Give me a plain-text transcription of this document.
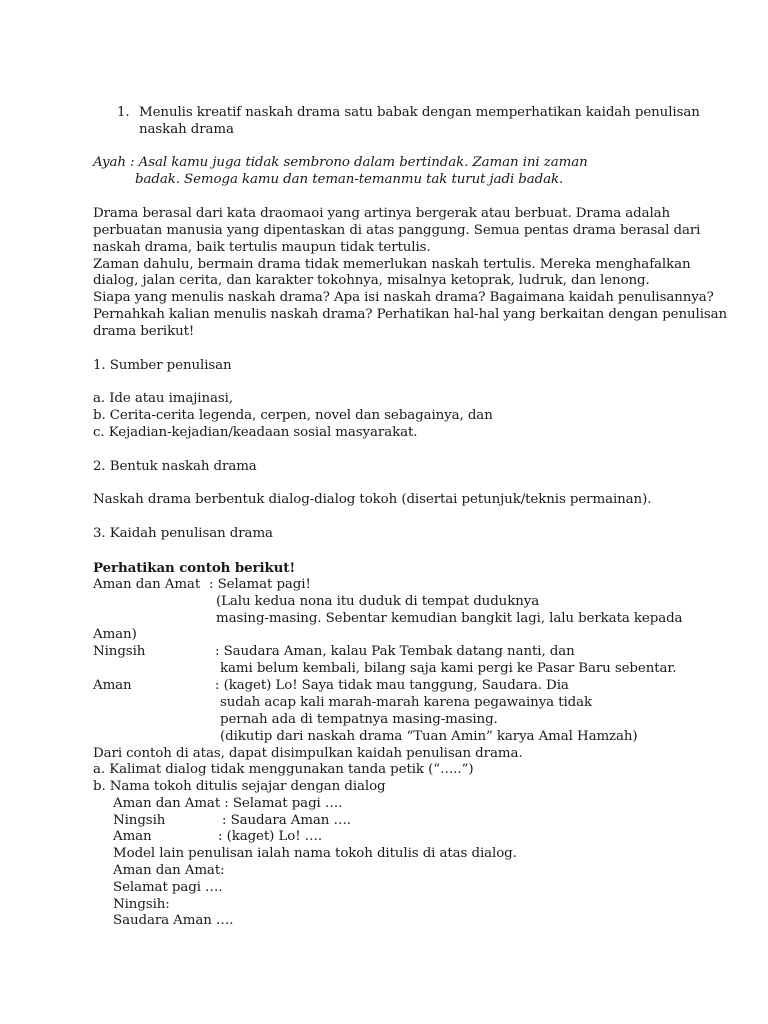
1. Menulis kreatif naskah drama satu babak dengan memperhatikan kaidah penulisan
naskah drama
Ayah : Asal kamu juga tidak sembrono dalam bertindak. Zaman ini zaman
badak. Semoga kamu dan teman-temanmu tak turut jadi badak.
Drama berasal dari kata draomaoi yang artinya bergerak atau berbuat. Drama adalah
perbuatan manusia yang dipentaskan di atas panggung. Semua pentas drama berasal dari
naskah drama, baik tertulis maupun tidak tertulis.
Zaman dahulu, bermain drama tidak memerlukan naskah tertulis. Mereka menghafalkan
dialog, jalan cerita, dan karakter tokohnya, misalnya ketoprak, ludruk, dan lenong.
Siapa yang menulis naskah drama? Apa isi naskah drama? Bagaimana kaidah penulisannya?
Pernahkah kalian menulis naskah drama? Perhatikan hal-hal yang berkaitan dengan penulisan
drama berikut!
1. Sumber penulisan
a. Ide atau imajinasi,
b. Cerita-cerita legenda, cerpen, novel dan sebagainya, dan
c. Kejadian-kejadian/keadaan sosial masyarakat.
2. Bentuk naskah drama
Naskah drama berbentuk dialog-dialog tokoh (disertai petunjuk/teknis permainan).
3. Kaidah penulisan drama
Perhatikan contoh berikut!
Aman dan Amat : Selamat pagi!
(Lalu kedua nona itu duduk di tempat duduknya
masing-masing. Sebentar kemudian bangkit lagi, lalu berkata kepada
Aman)
Ningsih	: Saudara Aman, kalau Pak Tembak datang nanti, dan
kami belum kembali, bilang saja kami pergi ke Pasar Baru sebentar.
Aman	: (kaget) Lo! Saya tidak mau tanggung, Saudara. Dia
sudah acap kali marah-marah karena pegawainya tidak
pernah ada di tempatnya masing-masing.
(dikutip dari naskah drama “Tuan Amin” karya Amal Hamzah)
Dari contoh di atas, dapat disimpulkan kaidah penulisan drama.
a. Kalimat dialog tidak menggunakan tanda petik (“…..”)
b. Nama tokoh ditulis sejajar dengan dialog
Aman dan Amat : Selamat pagi ….
Ningsih	: Saudara Aman ….
Aman	: (kaget) Lo! ….
Model lain penulisan ialah nama tokoh ditulis di atas dialog.
Aman dan Amat:
Selamat pagi ….
Ningsih:
Saudara Aman ….
